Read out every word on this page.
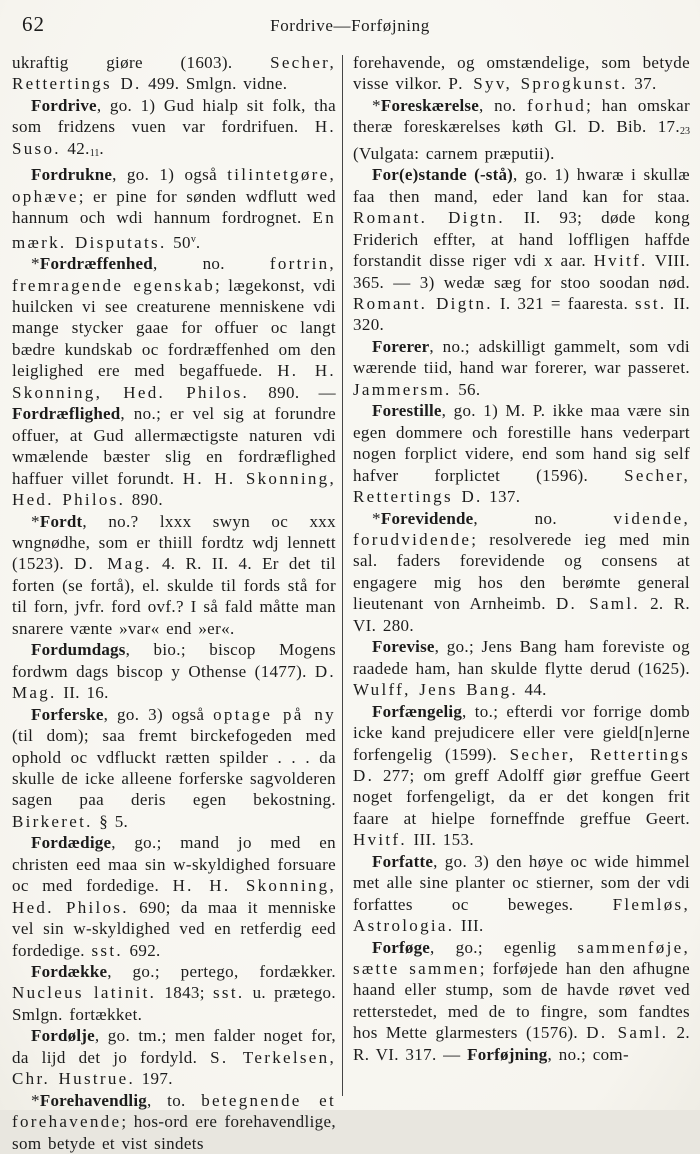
62	Fordrive—Forføjning

ukraftig giøre (1603). Secher, Rettertings D. 499. Smlgn. vidne.

Fordrive, go. 1) Gud hialp sit folk, tha som fridzens vuen var fordrifuen. H. Suso. 42.11.

Fordrukne, go. 1) også tilintetgøre, ophæve; er pine for sønden wdflutt wed hannum och wdi hannum fordrognet. En mærk. Disputats. 50$^v$.

*Fordræffenhed, no. fortrin, fremragende egenskab; lægekonst, vdi huilcken vi see creaturene menniskene vdi mange stycker gaae for offuer oc langt bædre kundskab oc fordræffenhed om den leiglighed ere med begaffuede. H. H. Skonning, Hed. Philos. 890. — Fordræflighed, no.; er vel sig at forundre offuer, at Gud allermæctigste naturen vdi wmælende bæster slig en fordræflighed haffuer villet forundt. H. H. Skonning, Hed. Philos. 890.

*Fordt, no.? lxxx swyn oc xxx wngnødhe, som er thiill fordtz wdj lennett (1523). D. Mag. 4. R. II. 4. Er det til forten (se fortå), el. skulde til fords stå for til forn, jvfr. ford ovf.? I så fald måtte man snarere vænte »var« end »er«.

Fordumdags, bio.; biscop Mogens fordwm dags biscop y Othense (1477). D. Mag. II. 16.

Forferske, go. 3) også optage på ny (til dom); saa fremt birckefogeden med ophold oc vdfluckt rætten spilder . . . da skulle de icke alleene forferske sagvolderen sagen paa deris egen bekostning. Birkeret. § 5.

Fordædige, go.; mand jo med en christen eed maa sin w-skyldighed forsuare oc med fordedige. H. H. Skonning, Hed. Philos. 690; da maa it menniske vel sin w-skyldighed ved en retferdig eed fordedige. sst. 692.

Fordække, go.; pertego, fordækker. Nucleus latinit. 1843; sst. u. prætego. Smlgn. fortækket.

Fordølje, go. tm.; men falder noget for, da lijd det jo fordyld. S. Terkelsen, Chr. Hustrue. 197.

*Forehavendlig, to. betegnende et forehavende; hos-ord ere forehavendlige, som betyde et vist sindets

forehavende, og omstændelige, som betyde visse vilkor. P. Syv, Sprogkunst. 37.

*Foreskærelse, no. forhud; han omskar theræ foreskærelses køth Gl. D. Bib. 17.23 (Vulgata: carnem præputii).

For(e)stande (-stå), go. 1) hwaræ i skullæ faa then mand, eder land kan for staa. Romant. Digtn. II. 93; døde kong Friderich effter, at hand loffligen haffde forstandit disse riger vdi x aar. Hvitf. VIII. 365. — 3) wedæ sæg for stoo soodan nød. Romant. Digtn. I. 321 = faaresta. sst. II. 320.

Forerer, no.; adskilligt gammelt, som vdi wærende tiid, hand war forerer, war passeret. Jammersm. 56.

Forestille, go. 1) M. P. ikke maa være sin egen dommere och forestille hans vederpart nogen forplict videre, end som hand sig self hafver forplictet (1596). Secher, Rettertings D. 137.

*Forevidende, no. vidende, forudvidende; resolverede ieg med min sal. faders forevidende og consens at engagere mig hos den berømte general lieutenant von Arnheimb. D. Saml. 2. R. VI. 280.

Forevise, go.; Jens Bang ham foreviste og raadede ham, han skulde flytte derud (1625). Wulff, Jens Bang. 44.

Forfængelig, to.; efterdi vor forrige domb icke kand prejudicere eller vere gield[n]erne forfengelig (1599). Secher, Rettertings D. 277; om greff Adolff giør greffue Geert noget forfengeligt, da er det kongen frit faare at hielpe forneffnde greffue Geert. Hvitf. III. 153.

Forfatte, go. 3) den høye oc wide himmel met alle sine planter oc stierner, som der vdi forfattes oc beweges. Flemløs, Astrologia. III.

Forføge, go.; egenlig sammenføje, sætte sammen; forføjede han den afhugne haand eller stump, som de havde røvet ved retterstedet, med de to fingre, som fandtes hos Mette glarmesters (1576). D. Saml. 2. R. VI. 317. — Forføjning, no.; com-
